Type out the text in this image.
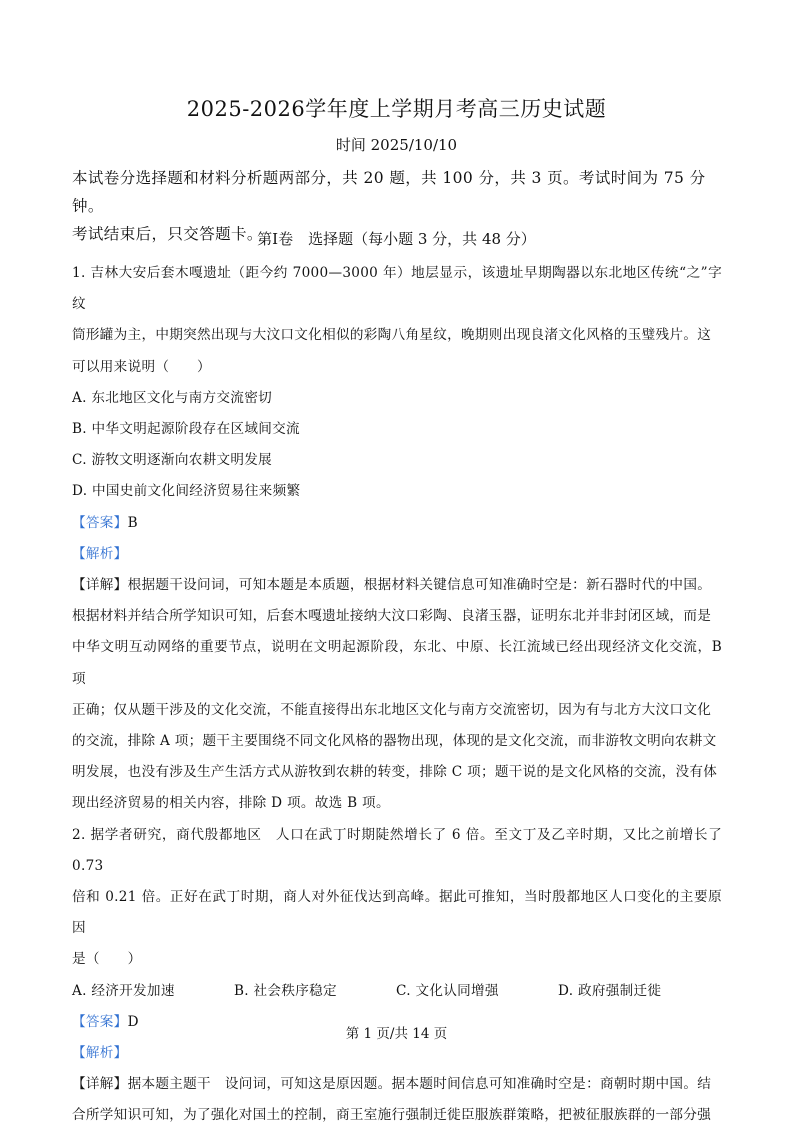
2025-2026学年度上学期月考高三历史试题
时间 2025/10/10
本试卷分选择题和材料分析题两部分，共 20 题，共 100 分，共 3 页。考试时间为 75 分钟。
考试结束后，只交答题卡。
第Ⅰ卷　选择题（每小题 3 分，共 48 分）

1. 吉林大安后套木嘎遗址（距今约 7000—3000 年）地层显示，该遗址早期陶器以东北地区传统“之”字纹

筒形罐为主，中期突然出现与大汶口文化相似的彩陶八角星纹，晚期则出现良渚文化风格的玉璧残片。这

可以用来说明（　　）

A. 东北地区文化与南方交流密切

B. 中华文明起源阶段存在区域间交流

C. 游牧文明逐渐向农耕文明发展

D. 中国史前文化间经济贸易往来频繁

【答案】B

【解析】

【详解】根据题干设问词，可知本题是本质题，根据材料关键信息可知准确时空是：新石器时代的中国。

根据材料并结合所学知识可知，后套木嘎遗址接纳大汶口彩陶、良渚玉器，证明东北并非封闭区域，而是

中华文明互动网络的重要节点，说明在文明起源阶段，东北、中原、长江流域已经出现经济文化交流，B 项

正确；仅从题干涉及的文化交流，不能直接得出东北地区文化与南方交流密切，因为有与北方大汶口文化

的交流，排除 A 项；题干主要围绕不同文化风格的器物出现，体现的是文化交流，而非游牧文明向农耕文

明发展，也没有涉及生产生活方式从游牧到农耕的转变，排除 C 项；题干说的是文化风格的交流，没有体

现出经济贸易的相关内容，排除 D 项。故选 B 项。

2. 据学者研究，商代殷都地区　人口在武丁时期陡然增长了 6 倍。至文丁及乙辛时期，又比之前增长了 0.73

倍和 0.21 倍。正好在武丁时期，商人对外征伐达到高峰。据此可推知，当时殷都地区人口变化的主要原因

是（　　）

A. 经济开发加速	B. 社会秩序稳定	C. 文化认同增强	D. 政府强制迁徙

【答案】D

【解析】

【详解】据本题主题干　设问词，可知这是原因题。据本题时间信息可知准确时空是：商朝时期中国。结

合所学知识可知，为了强化对国土的控制，商王室施行强制迁徙臣服族群策略，把被征服族群的一部分强

第 1 页/共 14 页
